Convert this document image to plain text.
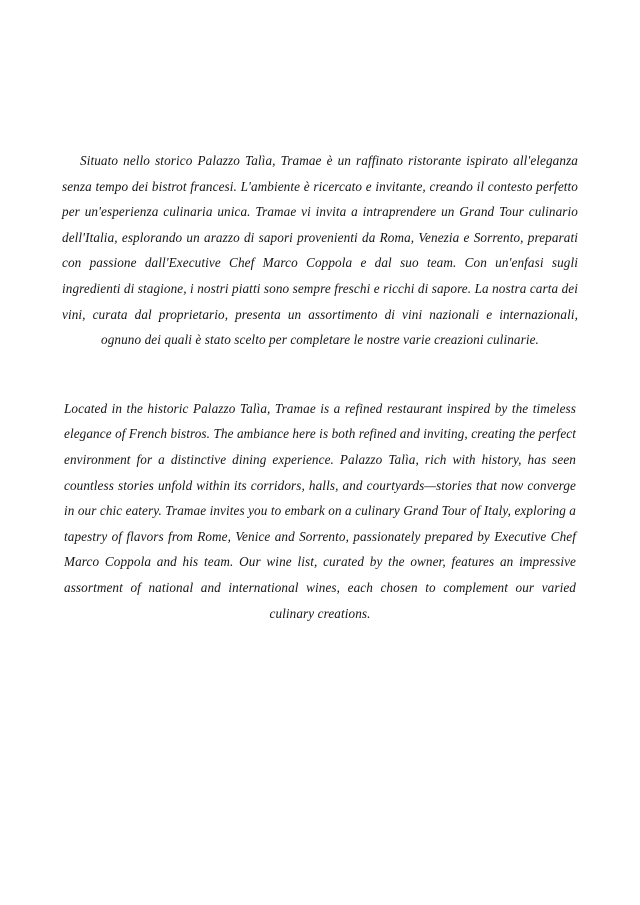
Situato nello storico Palazzo Talìa, Tramae è un raffinato ristorante ispirato all'eleganza senza tempo dei bistrot francesi. L'ambiente è ricercato e invitante, creando il contesto perfetto per un'esperienza culinaria unica. Tramae vi invita a intraprendere un Grand Tour culinario dell'Italia, esplorando un arazzo di sapori provenienti da Roma, Venezia e Sorrento, preparati con passione dall'Executive Chef Marco Coppola e dal suo team. Con un'enfasi sugli ingredienti di stagione, i nostri piatti sono sempre freschi e ricchi di sapore. La nostra carta dei vini, curata dal proprietario, presenta un assortimento di vini nazionali e internazionali, ognuno dei quali è stato scelto per completare le nostre varie creazioni culinarie.

Located in the historic Palazzo Talìa, Tramae is a refined restaurant inspired by the timeless elegance of French bistros. The ambiance here is both refined and inviting, creating the perfect environment for a distinctive dining experience. Palazzo Talìa, rich with history, has seen countless stories unfold within its corridors, halls, and courtyards—stories that now converge in our chic eatery. Tramae invites you to embark on a culinary Grand Tour of Italy, exploring a tapestry of flavors from Rome, Venice and Sorrento, passionately prepared by Executive Chef Marco Coppola and his team. Our wine list, curated by the owner, features an impressive assortment of national and international wines, each chosen to complement our varied culinary creations.
